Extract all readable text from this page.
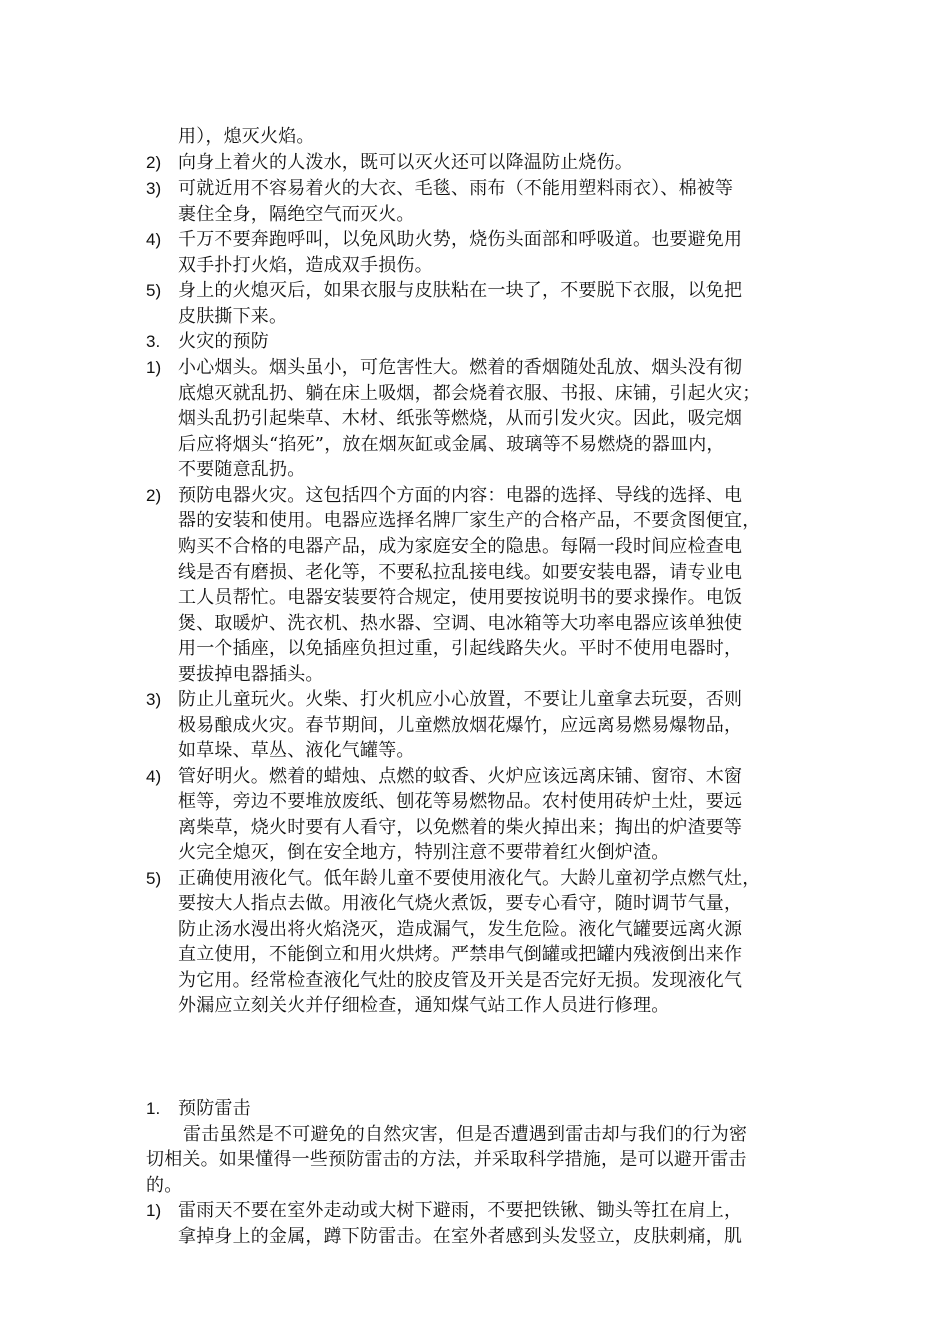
用），熄灭火焰。
2) 向身上着火的人泼水，既可以灭火还可以降温防止烧伤。
3) 可就近用不容易着火的大衣、毛毯、雨布（不能用塑料雨衣）、棉被等
裹住全身，隔绝空气而灭火。
4) 千万不要奔跑呼叫，以免风助火势，烧伤头面部和呼吸道。也要避免用
双手扑打火焰，造成双手损伤。
5) 身上的火熄灭后，如果衣服与皮肤粘在一块了，不要脱下衣服，以免把
皮肤撕下来。
3. 火灾的预防
1) 小心烟头。烟头虽小，可危害性大。燃着的香烟随处乱放、烟头没有彻
底熄灭就乱扔、躺在床上吸烟，都会烧着衣服、书报、床铺，引起火灾；
烟头乱扔引起柴草、木材、纸张等燃烧，从而引发火灾。因此，吸完烟
后应将烟头“掐死”，放在烟灰缸或金属、玻璃等不易燃烧的器皿内，
不要随意乱扔。
2) 预防电器火灾。这包括四个方面的内容：电器的选择、导线的选择、电
器的安装和使用。电器应选择名牌厂家生产的合格产品，不要贪图便宜，
购买不合格的电器产品，成为家庭安全的隐患。每隔一段时间应检查电
线是否有磨损、老化等，不要私拉乱接电线。如要安装电器，请专业电
工人员帮忙。电器安装要符合规定，使用要按说明书的要求操作。电饭
煲、取暖炉、洗衣机、热水器、空调、电冰箱等大功率电器应该单独使
用一个插座，以免插座负担过重，引起线路失火。平时不使用电器时，
要拔掉电器插头。
3) 防止儿童玩火。火柴、打火机应小心放置，不要让儿童拿去玩耍，否则
极易酿成火灾。春节期间，儿童燃放烟花爆竹，应远离易燃易爆物品，
如草垛、草丛、液化气罐等。
4) 管好明火。燃着的蜡烛、点燃的蚊香、火炉应该远离床铺、窗帘、木窗
框等，旁边不要堆放废纸、刨花等易燃物品。农村使用砖炉土灶，要远
离柴草，烧火时要有人看守，以免燃着的柴火掉出来；掏出的炉渣要等
火完全熄灭，倒在安全地方，特别注意不要带着红火倒炉渣。
5) 正确使用液化气。低年龄儿童不要使用液化气。大龄儿童初学点燃气灶，
要按大人指点去做。用液化气烧火煮饭，要专心看守，随时调节气量，
防止汤水漫出将火焰浇灭，造成漏气，发生危险。液化气罐要远离火源
直立使用，不能倒立和用火烘烤。严禁串气倒罐或把罐内残液倒出来作
为它用。经常检查液化气灶的胶皮管及开关是否完好无损。发现液化气
外漏应立刻关火并仔细检查，通知煤气站工作人员进行修理。
1. 预防雷击
雷击虽然是不可避免的自然灾害，但是否遭遇到雷击却与我们的行为密
切相关。如果懂得一些预防雷击的方法，并采取科学措施，是可以避开雷击
的。
1) 雷雨天不要在室外走动或大树下避雨，不要把铁锹、锄头等扛在肩上，
拿掉身上的金属，蹲下防雷击。在室外者感到头发竖立，皮肤刺痛，肌
